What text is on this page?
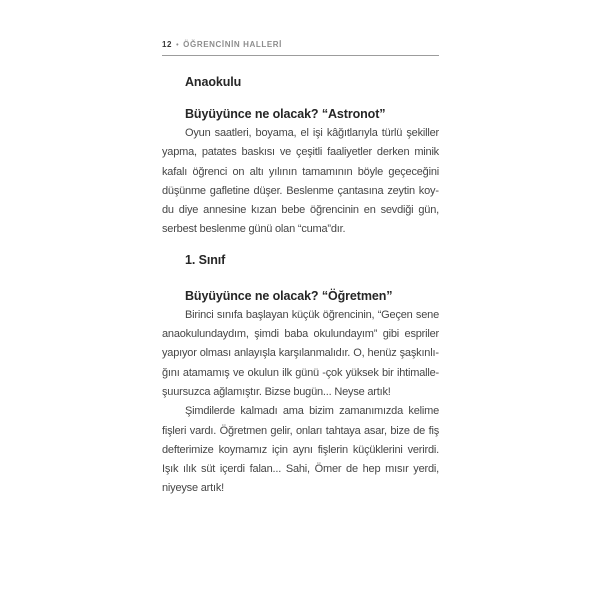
12 • ÖĞRENCİNİN HALLERİ
Anaokulu
Büyüyünce ne olacak? “Astronot”

Oyun saatleri, boyama, el işi kâğıtlarıyla türlü şekiller yapma, patates baskısı ve çeşitli faaliyetler derken minik kafalı öğrenci on altı yılının tamamının böyle geçeceğini düşünme gafletine düşer. Beslenme çantasına zeytin koydu diye annesine kızan bebe öğrencinin en sevdiği gün, serbest beslenme günü olan “cuma”dır.

1. Sınıf
Büyüyünce ne olacak? “Öğretmen”

Birinci sınıfa başlayan küçük öğrencinin, “Geçen sene anaokulundaydım, şimdi baba okulundayım” gibi espriler yapıyor olması anlayışla karşılanmalıdır. O, henüz şaşkınlığını atamamış ve okulun ilk günü -çok yüksek bir ihtimalle- şuursuzca ağlamıştır. Bizse bugün... Neyse artık!

Şimdilerde kalmadı ama bizim zamanımızda kelime fişleri vardı. Öğretmen gelir, onları tahtaya asar, bize de fiş defterimize koymamız için aynı fişlerin küçüklerini verirdi. Işık ılık süt içerdi falan... Sahi, Ömer de hep mısır yerdi, niyeyse artık!
